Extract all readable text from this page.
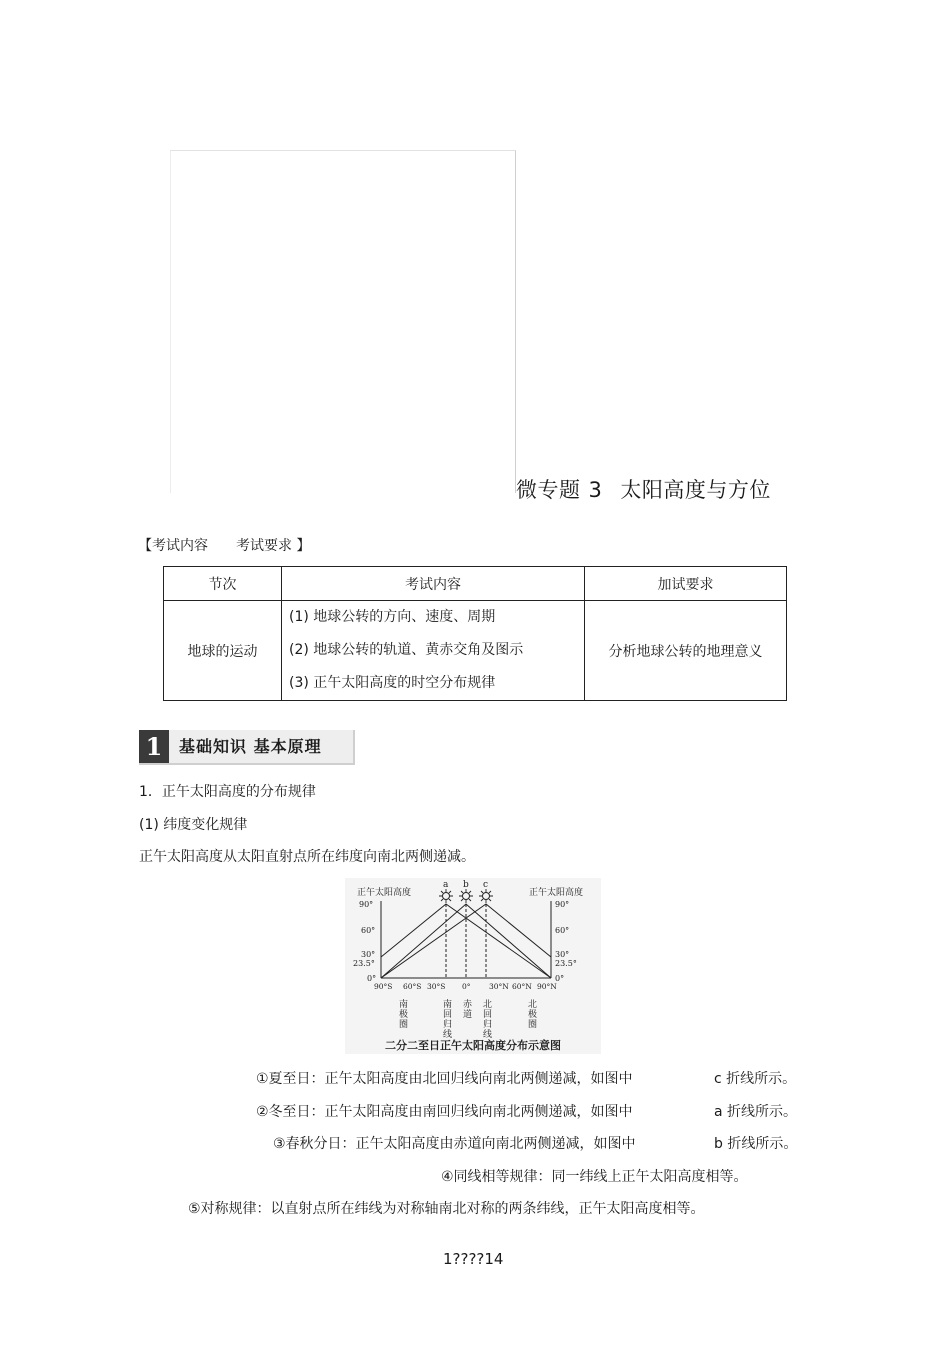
微专题 3 太阳高度与方位
【考试内容　　考试要求 】
节次	考试内容	加试要求
地球的运动	(1) 地球公转的方向、速度、周期
(2) 地球公转的轨道、黄赤交角及图示
(3) 正午太阳高度的时空分布规律	分析地球公转的地理意义
1	基础知识 基本原理
1．正午太阳高度的分布规律
(1) 纬度变化规律
正午太阳高度从太阳直射点所在纬度向南北两侧递减。
正午太阳高度	正午太阳高度
90°
60°
30°
23.5°
0°
90°
60°
30°
23.5°
0°
a b c
90°S 60°S 30°S 0° 30°N 60°N 90°N
南极圈	南回归线 赤道 北回归线	北极圈
二分二至日正午太阳高度分布示意图
①夏至日：正午太阳高度由北回归线向南北两侧递减，如图中	c 折线所示。
②冬至日：正午太阳高度由南回归线向南北两侧递减，如图中	a 折线所示。
③春秋分日：正午太阳高度由赤道向南北两侧递减，如图中	b 折线所示。
④同线相等规律：同一纬线上正午太阳高度相等。
⑤对称规律：以直射点所在纬线为对称轴南北对称的两条纬线，正午太阳高度相等。
1????14
